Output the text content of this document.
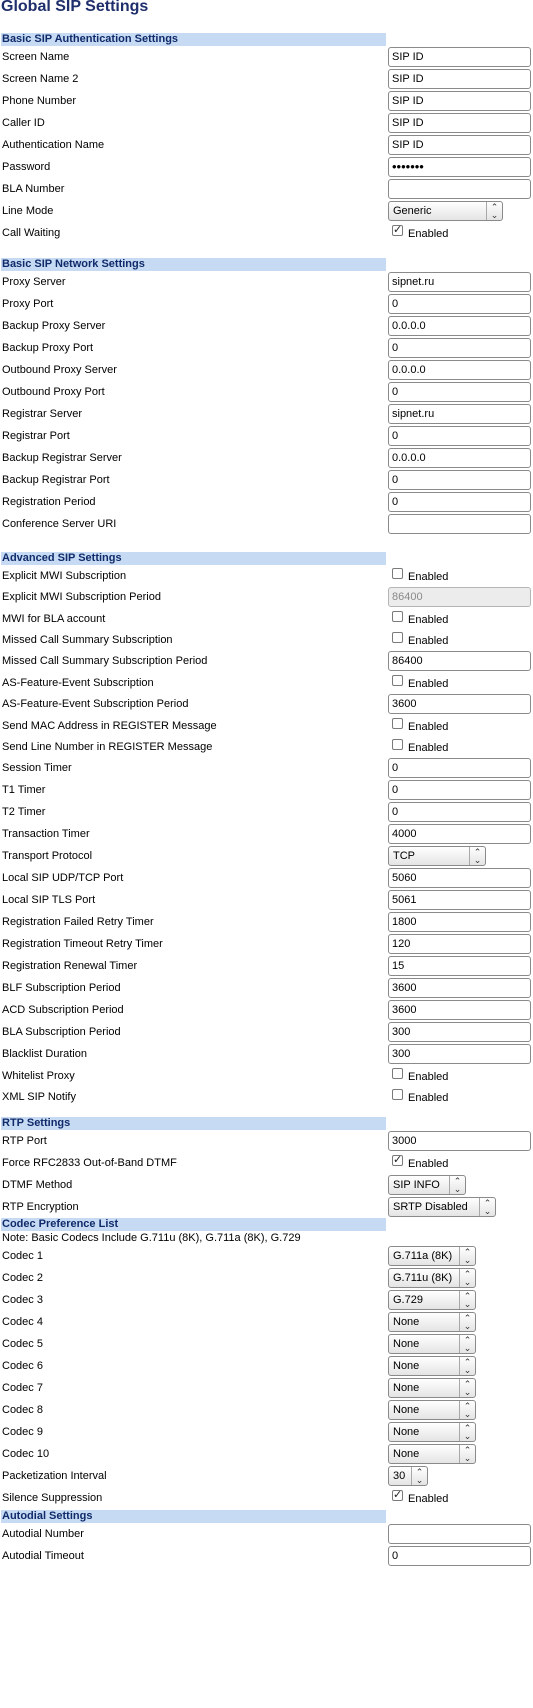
Global SIP Settings
Basic SIP Authentication Settings
Screen Name	SIP ID
Screen Name 2	SIP ID
Phone Number	SIP ID
Caller ID	SIP ID
Authentication Name	SIP ID
Password	•••••••
BLA Number
Line Mode	Generic	⌃
⌄
Call Waiting	✓ Enabled
Basic SIP Network Settings
Proxy Server	sipnet.ru
Proxy Port	0
Backup Proxy Server	0.0.0.0
Backup Proxy Port	0
Outbound Proxy Server	0.0.0.0
Outbound Proxy Port	0
Registrar Server	sipnet.ru
Registrar Port	0
Backup Registrar Server	0.0.0.0
Backup Registrar Port	0
Registration Period	0
Conference Server URI
Advanced SIP Settings
Explicit MWI Subscription	Enabled
Explicit MWI Subscription Period	86400
MWI for BLA account	Enabled
Missed Call Summary Subscription	Enabled
Missed Call Summary Subscription Period	86400
AS-Feature-Event Subscription	Enabled
AS-Feature-Event Subscription Period	3600
Send MAC Address in REGISTER Message	Enabled
Send Line Number in REGISTER Message	Enabled
Session Timer	0
T1 Timer	0
T2 Timer	0
Transaction Timer	4000
Transport Protocol	TCP	⌃
⌄
Local SIP UDP/TCP Port	5060
Local SIP TLS Port	5061
Registration Failed Retry Timer	1800
Registration Timeout Retry Timer	120
Registration Renewal Timer	15
BLF Subscription Period	3600
ACD Subscription Period	3600
BLA Subscription Period	300
Blacklist Duration	300
Whitelist Proxy	Enabled
XML SIP Notify	Enabled
RTP Settings
RTP Port	3000
Force RFC2833 Out-of-Band DTMF	✓ Enabled
DTMF Method	SIP INFO	⌃
⌄
RTP Encryption	SRTP Disabled	⌃
⌄
Codec Preference List
Note: Basic Codecs Include G.711u (8K), G.711a (8K), G.729
Codec 1	G.711a (8K)	⌃
⌄
Codec 2	G.711u (8K)	⌃
⌄
Codec 3	G.729	⌃
⌄
Codec 4	None	⌃
⌄
Codec 5	None	⌃
⌄
Codec 6	None	⌃
⌄
Codec 7	None	⌃
⌄
Codec 8	None	⌃
⌄
Codec 9	None	⌃
⌄
Codec 10	None	⌃
⌄
Packetization Interval	30	⌃
⌄
Silence Suppression	✓ Enabled
Autodial Settings
Autodial Number
Autodial Timeout	0
